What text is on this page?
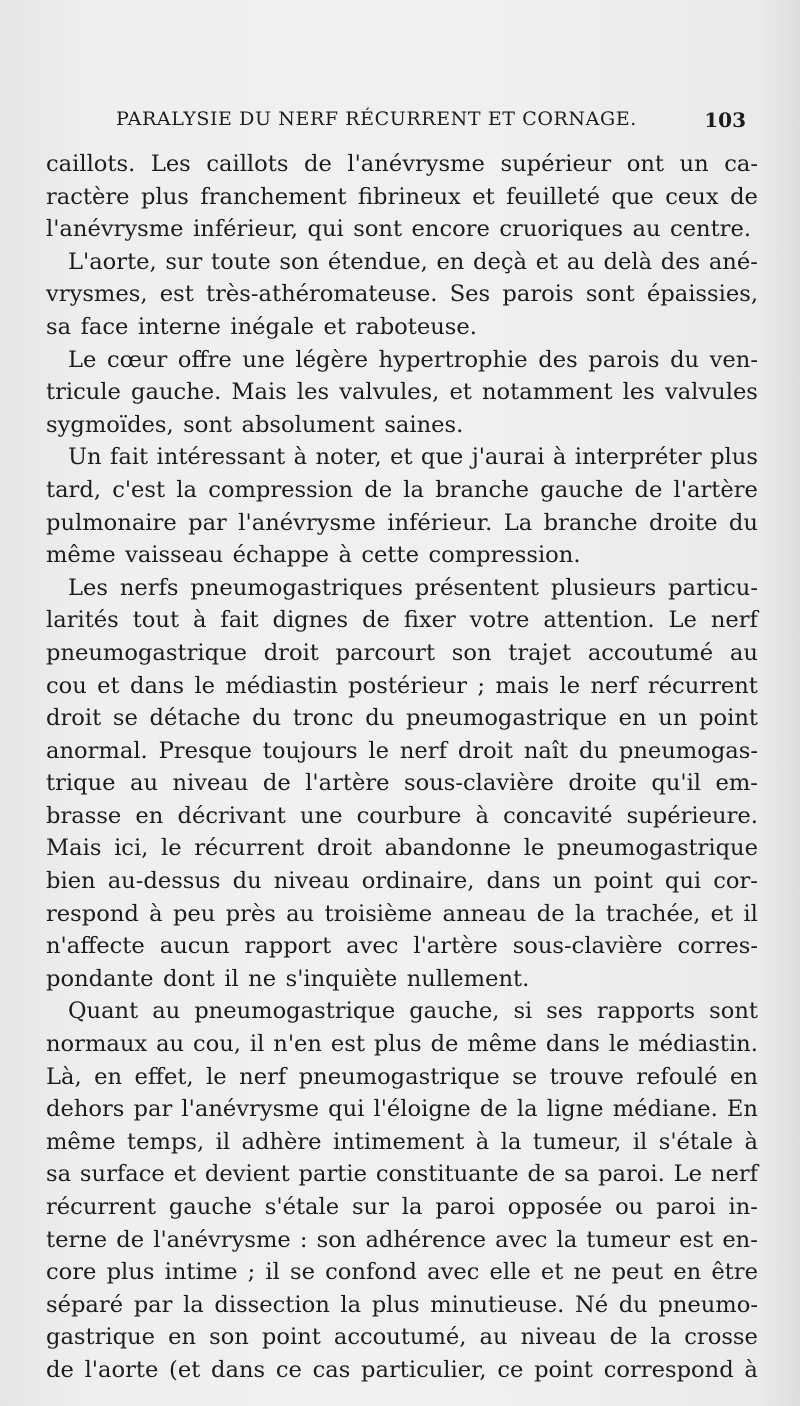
PARALYSIE DU NERF RÉCURRENT ET CORNAGE.	103
caillots. Les caillots de l'anévrysme supérieur ont un ca-
ractère plus franchement fibrineux et feuilleté que ceux de
l'anévrysme inférieur, qui sont encore cruoriques au centre.
L'aorte, sur toute son étendue, en deçà et au delà des ané-
vrysmes, est très-athéromateuse. Ses parois sont épaissies,
sa face interne inégale et raboteuse.
Le cœur offre une légère hypertrophie des parois du ven-
tricule gauche. Mais les valvules, et notamment les valvules
sygmoïdes, sont absolument saines.
Un fait intéressant à noter, et que j'aurai à interpréter plus
tard, c'est la compression de la branche gauche de l'artère
pulmonaire par l'anévrysme inférieur. La branche droite du
même vaisseau échappe à cette compression.
Les nerfs pneumogastriques présentent plusieurs particu-
larités tout à fait dignes de fixer votre attention. Le nerf
pneumogastrique droit parcourt son trajet accoutumé au
cou et dans le médiastin postérieur ; mais le nerf récurrent
droit se détache du tronc du pneumogastrique en un point
anormal. Presque toujours le nerf droit naît du pneumogas-
trique au niveau de l'artère sous-clavière droite qu'il em-
brasse en décrivant une courbure à concavité supérieure.
Mais ici, le récurrent droit abandonne le pneumogastrique
bien au-dessus du niveau ordinaire, dans un point qui cor-
respond à peu près au troisième anneau de la trachée, et il
n'affecte aucun rapport avec l'artère sous-clavière corres-
pondante dont il ne s'inquiète nullement.
Quant au pneumogastrique gauche, si ses rapports sont
normaux au cou, il n'en est plus de même dans le médiastin.
Là, en effet, le nerf pneumogastrique se trouve refoulé en
dehors par l'anévrysme qui l'éloigne de la ligne médiane. En
même temps, il adhère intimement à la tumeur, il s'étale à
sa surface et devient partie constituante de sa paroi. Le nerf
récurrent gauche s'étale sur la paroi opposée ou paroi in-
terne de l'anévrysme : son adhérence avec la tumeur est en-
core plus intime ; il se confond avec elle et ne peut en être
séparé par la dissection la plus minutieuse. Né du pneumo-
gastrique en son point accoutumé, au niveau de la crosse
de l'aorte (et dans ce cas particulier, ce point correspond à
